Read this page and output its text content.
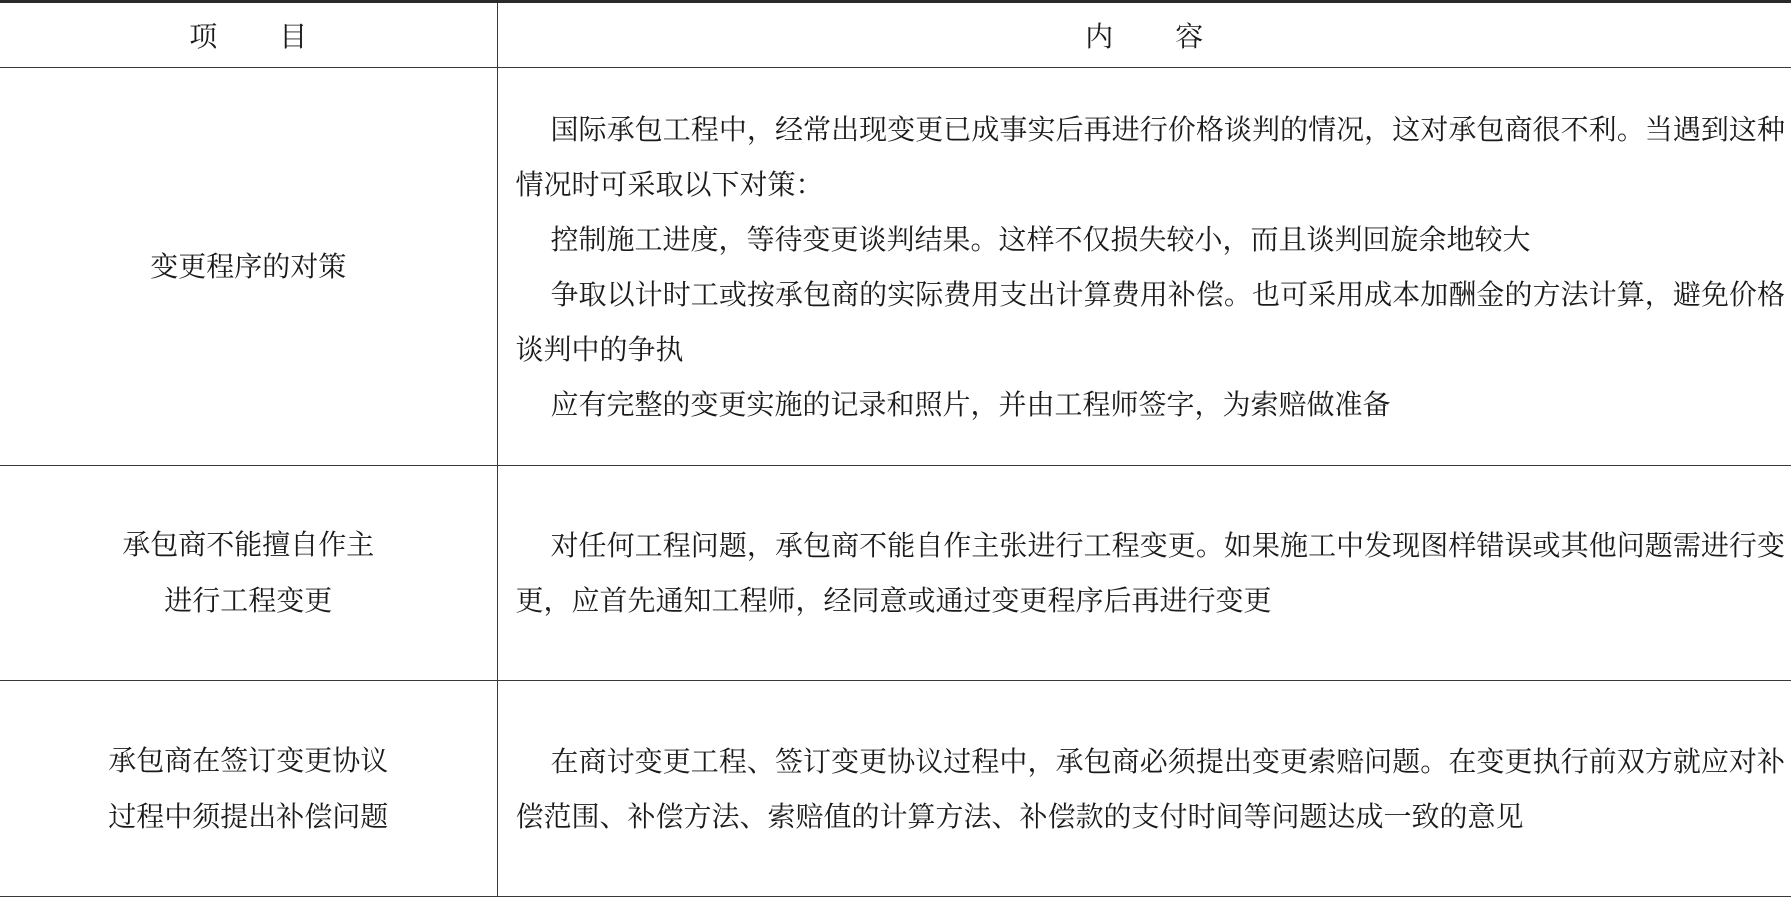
项 目	内 容

变更程序的对策	国际承包工程中，经常出现变更已成事实后再进行价格谈判的情况，这对承包商很不利。当遇到这种情况时可采取以下对策：

控制施工进度，等待变更谈判结果。这样不仅损失较小，而且谈判回旋余地较大

争取以计时工或按承包商的实际费用支出计算费用补偿。也可采用成本加酬金的方法计算，避免价格谈判中的争执

应有完整的变更实施的记录和照片，并由工程师签字，为索赔做准备

承包商不能擅自作主
进行工程变更	对任何工程问题，承包商不能自作主张进行工程变更。如果施工中发现图样错误或其他问题需进行变更，应首先通知工程师，经同意或通过变更程序后再进行变更

承包商在签订变更协议
过程中须提出补偿问题	在商讨变更工程、签订变更协议过程中，承包商必须提出变更索赔问题。在变更执行前双方就应对补偿范围、补偿方法、索赔值的计算方法、补偿款的支付时间等问题达成一致的意见
